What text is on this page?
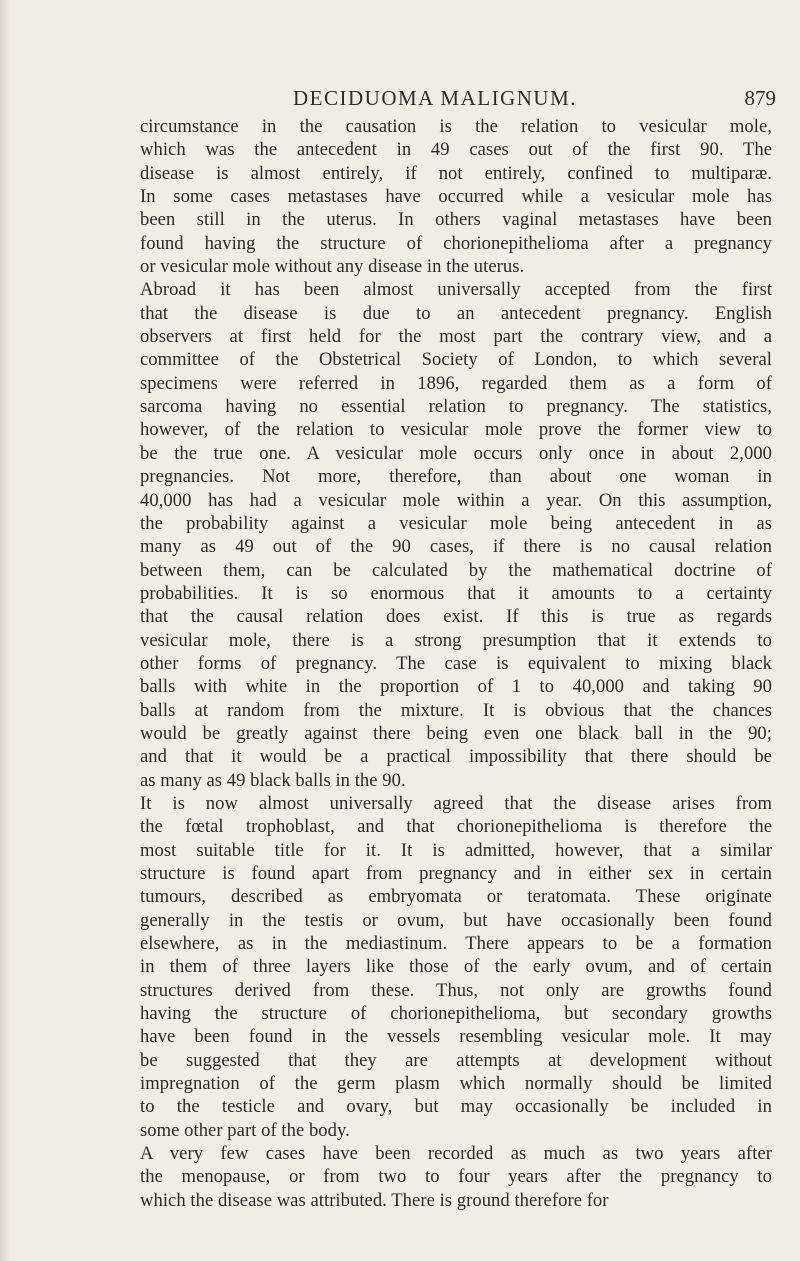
DECIDUOMA MALIGNUM.	879
circumstance in the causation is the relation to vesicular mole,
which was the antecedent in 49 cases out of the first 90. The
disease is almost entirely, if not entirely, confined to multiparæ.
In some cases metastases have occurred while a vesicular mole has
been still in the uterus. In others vaginal metastases have been
found having the structure of chorionepithelioma after a pregnancy
or vesicular mole without any disease in the uterus.
Abroad it has been almost universally accepted from the first
that the disease is due to an antecedent pregnancy. English
observers at first held for the most part the contrary view, and a
committee of the Obstetrical Society of London, to which several
specimens were referred in 1896, regarded them as a form of
sarcoma having no essential relation to pregnancy. The statistics,
however, of the relation to vesicular mole prove the former view to
be the true one. A vesicular mole occurs only once in about 2,000
pregnancies. Not more, therefore, than about one woman in
40,000 has had a vesicular mole within a year. On this assumption,
the probability against a vesicular mole being antecedent in as
many as 49 out of the 90 cases, if there is no causal relation
between them, can be calculated by the mathematical doctrine of
probabilities. It is so enormous that it amounts to a certainty
that the causal relation does exist. If this is true as regards
vesicular mole, there is a strong presumption that it extends to
other forms of pregnancy. The case is equivalent to mixing black
balls with white in the proportion of 1 to 40,000 and taking 90
balls at random from the mixture. It is obvious that the chances
would be greatly against there being even one black ball in the 90;
and that it would be a practical impossibility that there should be
as many as 49 black balls in the 90.
It is now almost universally agreed that the disease arises from
the fœtal trophoblast, and that chorionepithelioma is therefore the
most suitable title for it. It is admitted, however, that a similar
structure is found apart from pregnancy and in either sex in certain
tumours, described as embryomata or teratomata. These originate
generally in the testis or ovum, but have occasionally been found
elsewhere, as in the mediastinum. There appears to be a formation
in them of three layers like those of the early ovum, and of certain
structures derived from these. Thus, not only are growths found
having the structure of chorionepithelioma, but secondary growths
have been found in the vessels resembling vesicular mole. It may
be suggested that they are attempts at development without
impregnation of the germ plasm which normally should be limited
to the testicle and ovary, but may occasionally be included in
some other part of the body.
A very few cases have been recorded as much as two years after
the menopause, or from two to four years after the pregnancy to
which the disease was attributed. There is ground therefore for
